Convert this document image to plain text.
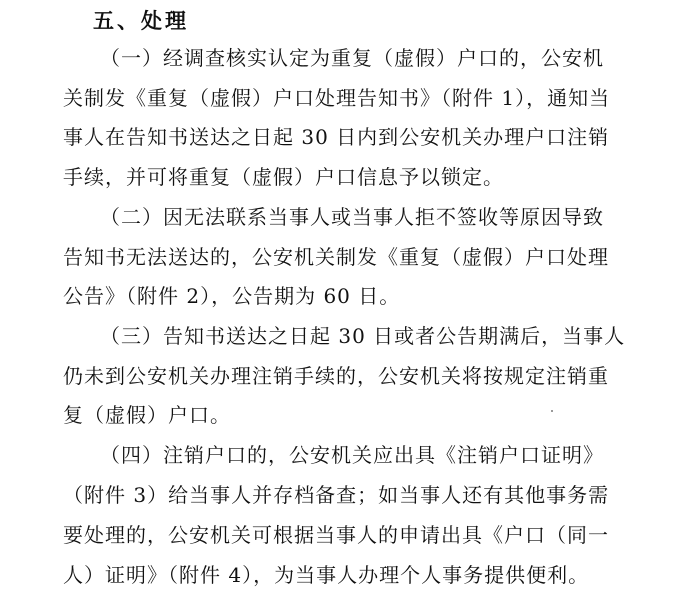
五、处理
（一）经调查核实认定为重复（虚假）户口的，公安机
关制发《重复（虚假）户口处理告知书》（附件 1），通知当
事人在告知书送达之日起 30 日内到公安机关办理户口注销
手续，并可将重复（虚假）户口信息予以锁定。
（二）因无法联系当事人或当事人拒不签收等原因导致
告知书无法送达的，公安机关制发《重复（虚假）户口处理
公告》（附件 2），公告期为 60 日。
（三）告知书送达之日起 30 日或者公告期满后，当事人
仍未到公安机关办理注销手续的，公安机关将按规定注销重
复（虚假）户口。
（四）注销户口的，公安机关应出具《注销户口证明》
（附件 3）给当事人并存档备查；如当事人还有其他事务需
要处理的，公安机关可根据当事人的申请出具《户口（同一
人）证明》（附件 4），为当事人办理个人事务提供便利。
